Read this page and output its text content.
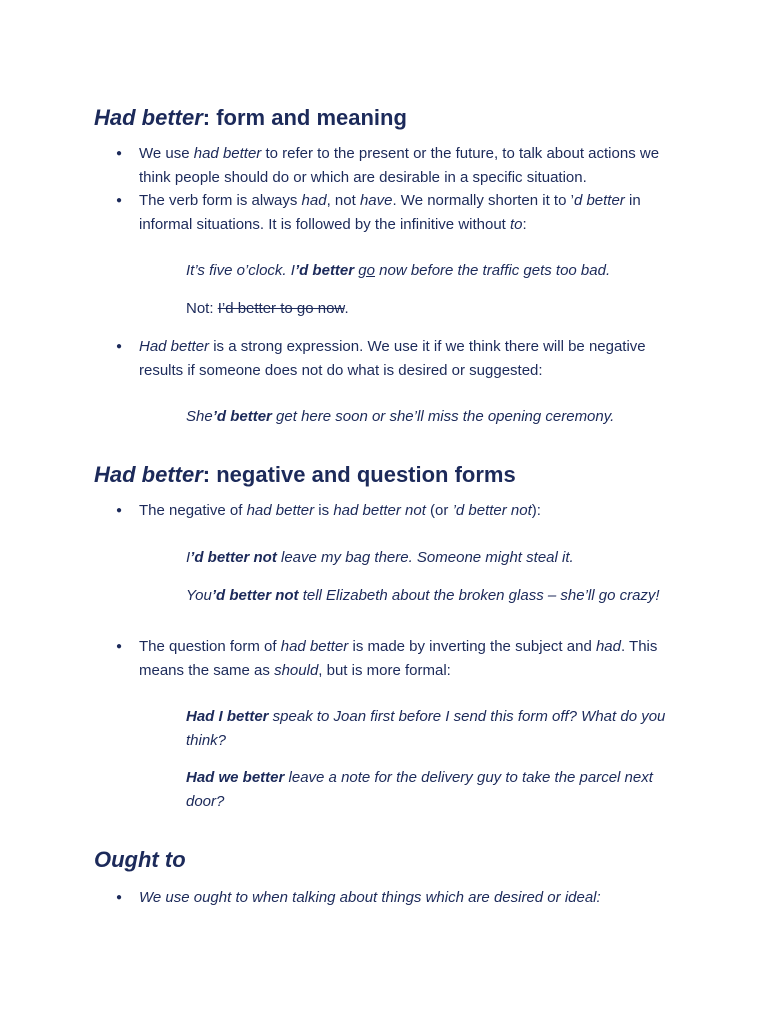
Had better: form and meaning

● We use had better to refer to the present or the future, to talk about actions we think people should do or which are desirable in a specific situation.

● The verb form is always had, not have. We normally shorten it to ’d better in informal situations. It is followed by the infinitive without to:

It’s five o’clock. I’d better go now before the traffic gets too bad.

Not: I’d better to go now.

● Had better is a strong expression. We use it if we think there will be negative results if someone does not do what is desired or suggested:

She’d better get here soon or she’ll miss the opening ceremony.

Had better: negative and question forms

● The negative of had better is had better not (or ’d better not):

I’d better not leave my bag there. Someone might steal it.

You’d better not tell Elizabeth about the broken glass – she’ll go crazy!

● The question form of had better is made by inverting the subject and had. This means the same as should, but is more formal:

Had I better speak to Joan first before I send this form off? What do you think?

Had we better leave a note for the delivery guy to take the parcel next door?

Ought to

● We use ought to when talking about things which are desired or ideal:
